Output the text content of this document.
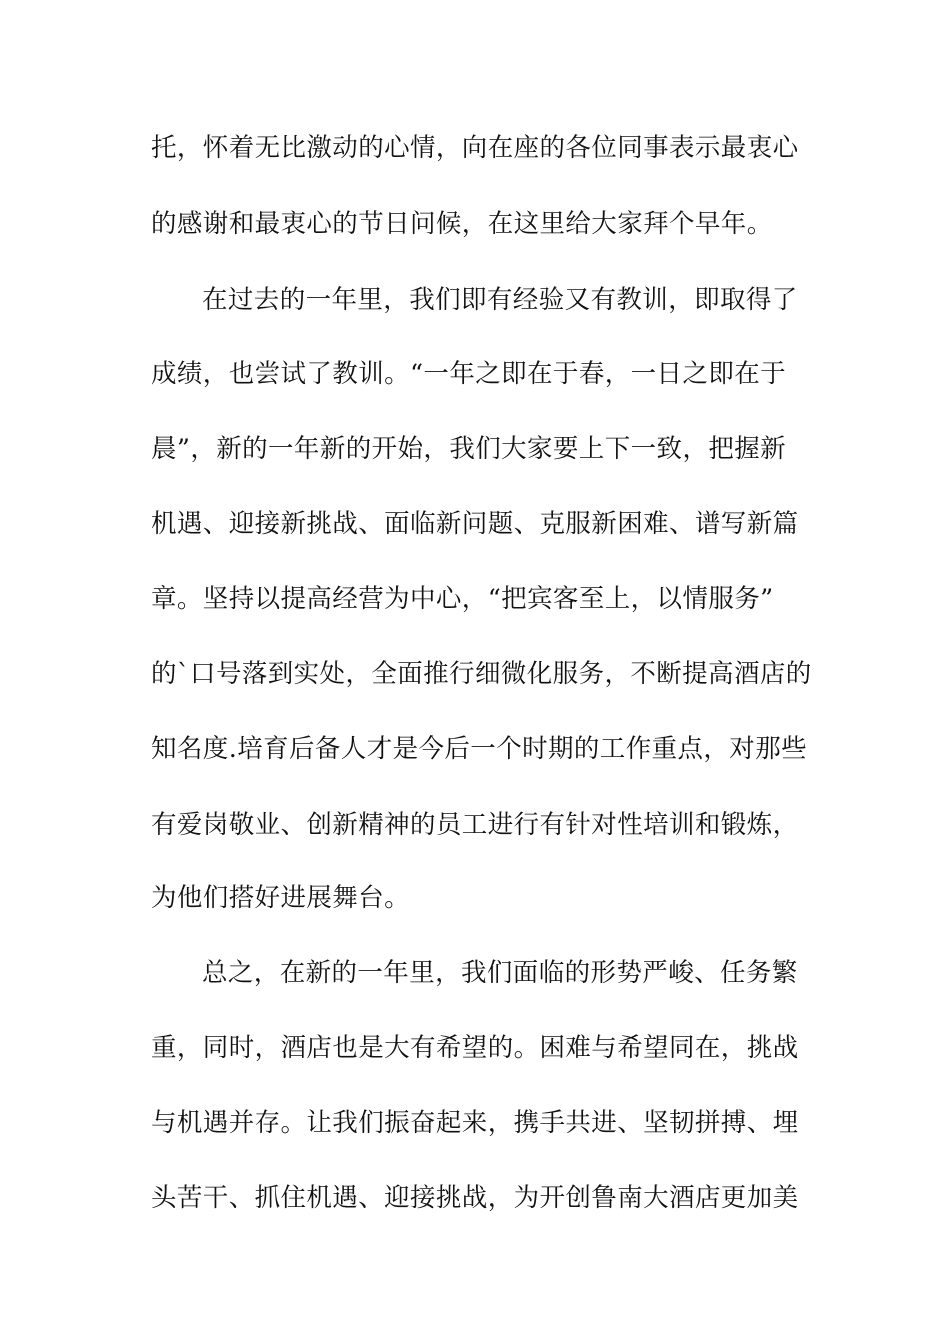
托，怀着无比激动的心情，向在座的各位同事表示最衷心
的感谢和最衷心的节日问候，在这里给大家拜个早年。
在过去的一年里，我们即有经验又有教训，即取得了
成绩，也尝试了教训。“一年之即在于春，一日之即在于
晨”，新的一年新的开始，我们大家要上下一致，把握新
机遇、迎接新挑战、面临新问题、克服新困难、谱写新篇
章。坚持以提高经营为中心，“把宾客至上，以情服务”
的`口号落到实处，全面推行细微化服务，不断提高酒店的
知名度.培育后备人才是今后一个时期的工作重点，对那些
有爱岗敬业、创新精神的员工进行有针对性培训和锻炼，
为他们搭好进展舞台。
总之，在新的一年里，我们面临的形势严峻、任务繁
重，同时，酒店也是大有希望的。困难与希望同在，挑战
与机遇并存。让我们振奋起来，携手共进、坚韧拼搏、埋
头苦干、抓住机遇、迎接挑战，为开创鲁南大酒店更加美
